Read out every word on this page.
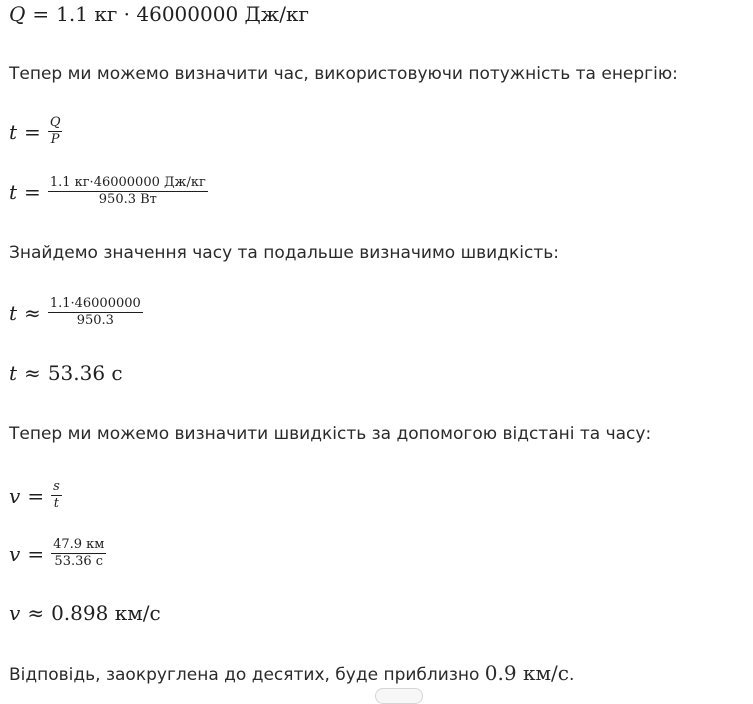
Q = 1.1 кг · 46000000 Дж/кг
Тепер ми можемо визначити час, використовуючи потужність та енергію:
$t = \frac{Q}{P}$
$t = \frac{1.1 кг\cdot 46000000 Дж/кг}{950.3 Вт}$
Знайдемо значення часу та подальше визначимо швидкість:
$t \approx \frac{1.1\cdot 46000000}{950.3}$
t ≈ 53.36 с
Тепер ми можемо визначити швидкість за допомогою відстані та часу:
$v = \frac{s}{t}$
$v = \frac{47.9 км}{53.36 с}$
v ≈ 0.898 км/с
Відповідь, заокруглена до десятих, буде приблизно 0.9 км/с.
